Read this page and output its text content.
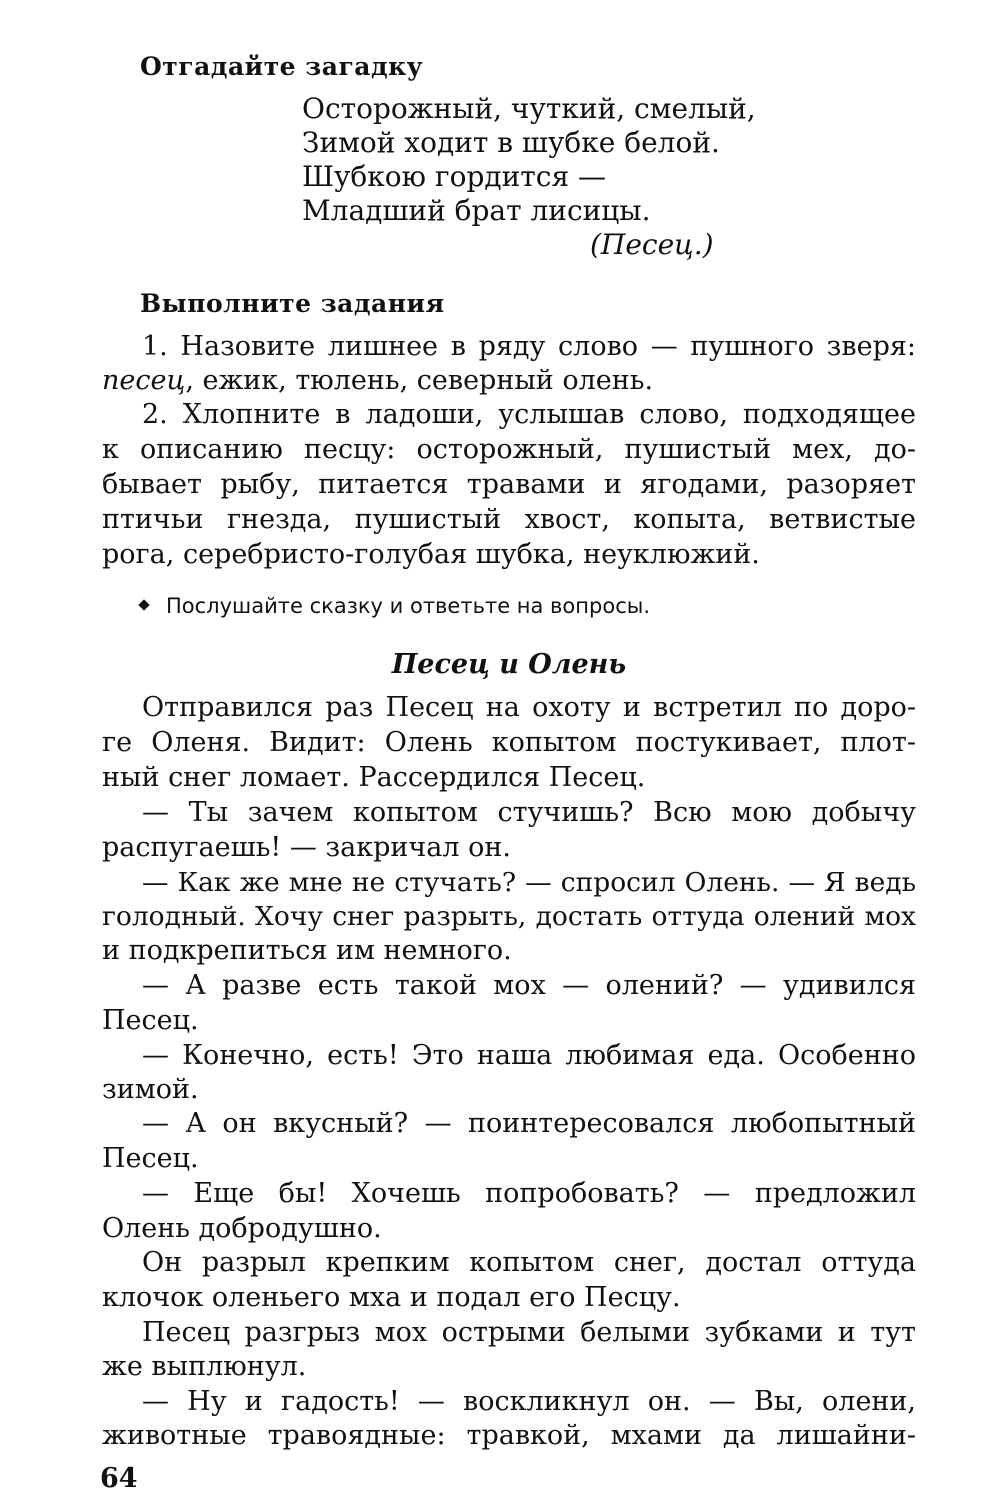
Отгадайте загадку
Осторожный, чуткий, смелый,
Зимой ходит в шубке белой.
Шубкою гордится —
Младший брат лисицы.
(Песец.)
Выполните задания
1. Назовите лишнее в ряду слово — пушного зверя:
песец, ежик, тюлень, северный олень.
2. Хлопните в ладоши, услышав слово, подходящее
к описанию песцу: осторожный, пушистый мех, до-
бывает рыбу, питается травами и ягодами, разоряет
птичьи гнезда, пушистый хвост, копыта, ветвистые
рога, серебристо-голубая шубка, неуклюжий.
Послушайте сказку и ответьте на вопросы.
Песец и Олень
Отправился раз Песец на охоту и встретил по доро-
ге Оленя. Видит: Олень копытом постукивает, плот-
ный снег ломает. Рассердился Песец.
— Ты зачем копытом стучишь? Всю мою добычу
распугаешь! — закричал он.
— Как же мне не стучать? — спросил Олень. — Я ведь
голодный. Хочу снег разрыть, достать оттуда олений мох
и подкрепиться им немного.
— А разве есть такой мох — олений? — удивился
Песец.
— Конечно, есть! Это наша любимая еда. Особенно
зимой.
— А он вкусный? — поинтересовался любопытный
Песец.
— Еще бы! Хочешь попробовать? — предложил
Олень добродушно.
Он разрыл крепким копытом снег, достал оттуда
клочок оленьего мха и подал его Песцу.
Песец разгрыз мох острыми белыми зубками и тут
же выплюнул.
— Ну и гадость! — воскликнул он. — Вы, олени,
животные травоядные: травкой, мхами да лишайни-
64
